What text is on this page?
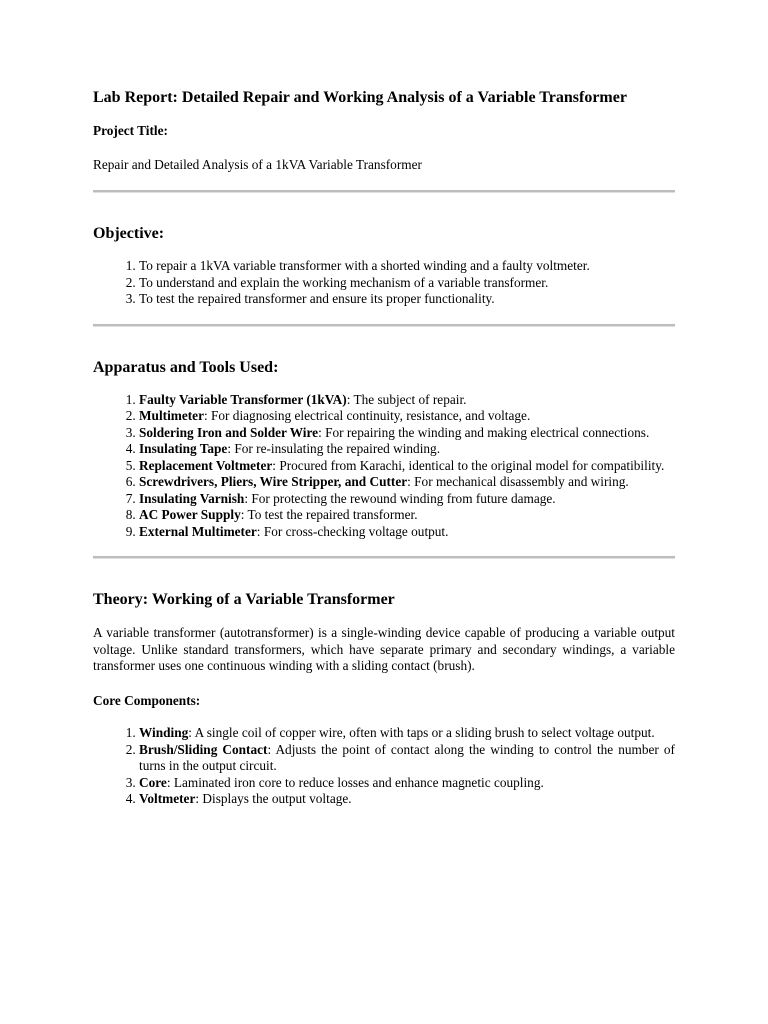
Lab Report: Detailed Repair and Working Analysis of a Variable Transformer

Project Title:

Repair and Detailed Analysis of a 1kVA Variable Transformer

Objective:
1. To repair a 1kVA variable transformer with a shorted winding and a faulty voltmeter.
2. To understand and explain the working mechanism of a variable transformer.
3. To test the repaired transformer and ensure its proper functionality.
Apparatus and Tools Used:
1. Faulty Variable Transformer (1kVA): The subject of repair.
2. Multimeter: For diagnosing electrical continuity, resistance, and voltage.
3. Soldering Iron and Solder Wire: For repairing the winding and making electrical connections.
4. Insulating Tape: For re-insulating the repaired winding.
5. Replacement Voltmeter: Procured from Karachi, identical to the original model for compatibility.
6. Screwdrivers, Pliers, Wire Stripper, and Cutter: For mechanical disassembly and wiring.
7. Insulating Varnish: For protecting the rewound winding from future damage.
8. AC Power Supply: To test the repaired transformer.
9. External Multimeter: For cross-checking voltage output.
Theory: Working of a Variable Transformer

A variable transformer (autotransformer) is a single-winding device capable of producing a variable output voltage. Unlike standard transformers, which have separate primary and secondary windings, a variable transformer uses one continuous winding with a sliding contact (brush).

Core Components:

1. Winding: A single coil of copper wire, often with taps or a sliding brush to select voltage output.
2. Brush/Sliding Contact: Adjusts the point of contact along the winding to control the number of turns in the output circuit.
3. Core: Laminated iron core to reduce losses and enhance magnetic coupling.
4. Voltmeter: Displays the output voltage.
